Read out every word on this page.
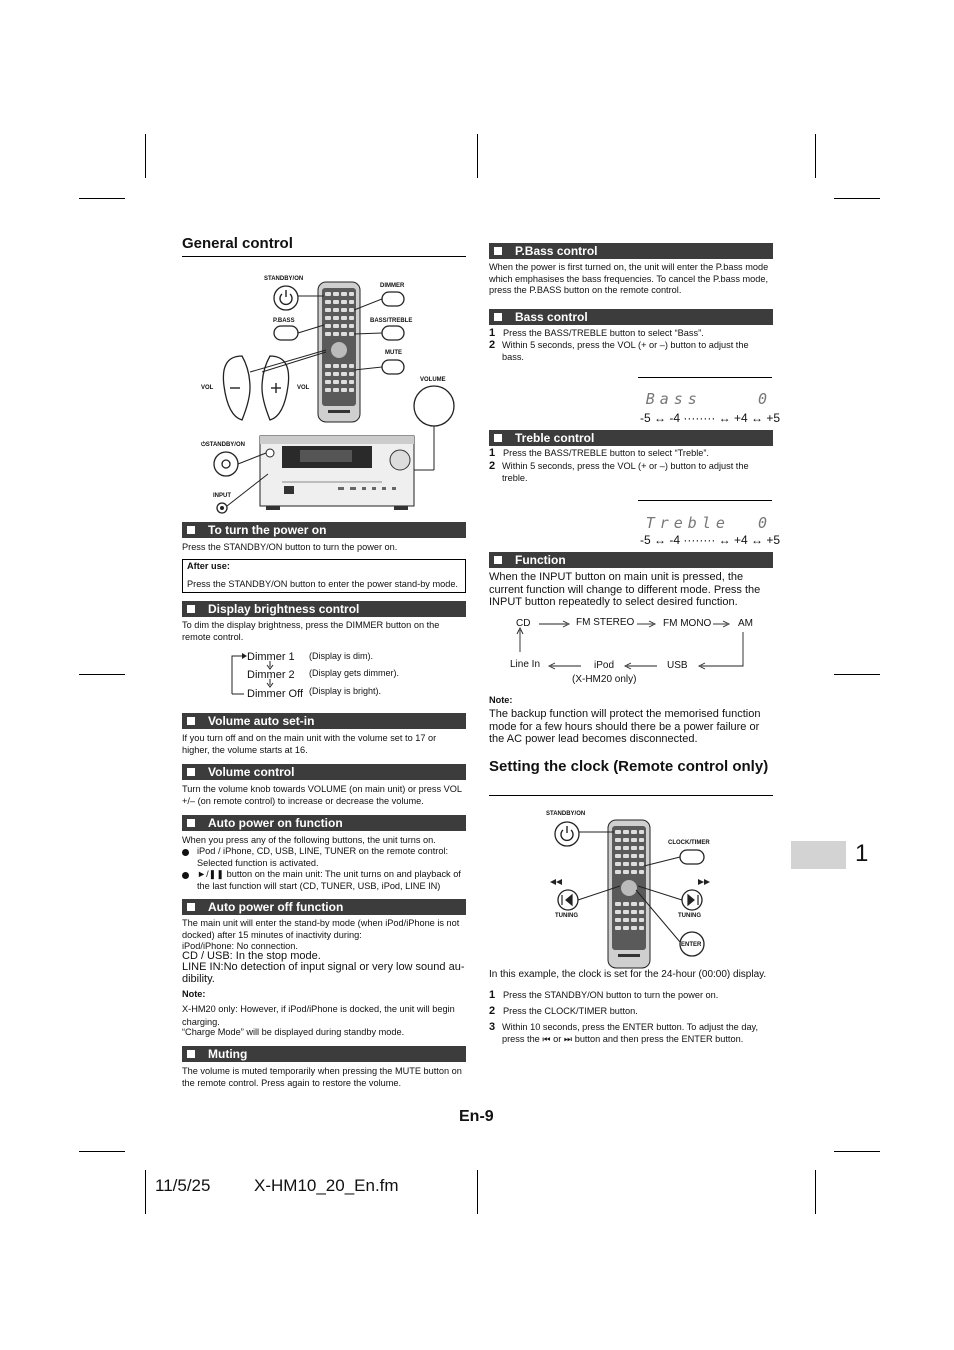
General control
STANDBY/ON
DIMMER
P.BASS	BASS/TREBLE
MUTE
VOL	VOL
VOLUME
⏻STANDBY/ON
INPUT
To turn the power on
Press the STANDBY/ON button to turn the power on.
After use:
Press the STANDBY/ON button to enter the power stand-by mode.
Display brightness control
To dim the display brightness, press the DIMMER button on the remote control.
Dimmer 1
Dimmer 2
Dimmer Off
(Display is dim).
(Display gets dimmer).
(Display is bright).
Volume auto set-in
If you turn off and on the main unit with the volume set to 17 or higher, the volume starts at 16.
Volume control
Turn the volume knob towards VOLUME (on main unit) or press VOL +/– (on remote control) to increase or decrease the volume.
Auto power on function
When you press any of the following buttons, the unit turns on.
iPod / iPhone, CD, USB, LINE, TUNER on the remote control: Selected function is activated.
►/❚❚ button on the main unit: The unit turns on and playback of the last function will start (CD, TUNER, USB, iPod, LINE IN)
Auto power off function
The main unit will enter the stand-by mode (when iPod/iPhone is not docked) after 15 minutes of inactivity during:
iPod/iPhone: No connection.
CD / USB: In the stop mode.
LINE IN:No detection of input signal or very low sound au-dibility.
Note:
X-HM20 only: However, if iPod/iPhone is docked, the unit will begin charging.
“Charge Mode” will be displayed during standby mode.
Muting
The volume is muted temporarily when pressing the MUTE button on the remote control. Press again to restore the volume.
P.Bass control
When the power is first turned on, the unit will enter the P.bass mode which emphasises the bass frequencies. To cancel the P.bass mode, press the P.BASS button on the remote control.
Bass control
1 Press the BASS/TREBLE button to select “Bass”.
2 Within 5 seconds, press the VOL (+ or –) button to adjust the bass.
Bass    0
-5 ↔ -4 ········ ↔ +4 ↔ +5
Treble control
1 Press the BASS/TREBLE button to select “Treble”.
2 Within 5 seconds, press the VOL (+ or –) button to adjust the treble.
Treble  0
-5 ↔ -4 ········ ↔ +4 ↔ +5
Function
When the INPUT button on main unit is pressed, the current function will change to different mode. Press the INPUT button repeatedly to select desired function.
CD	FM STEREO	FM MONO	AM
Line In	iPod
(X-HM20 only)
USB
Note:
The backup function will protect the memorised function mode for a few hours should there be a power failure or the AC power lead becomes disconnected.
Setting the clock (Remote control only)
STANDBY/ON
CLOCK/TIMER
TUNING	TUNING
ENTER
In this example, the clock is set for the 24-hour (00:00) display.
1 Press the STANDBY/ON button to turn the power on.
2 Press the CLOCK/TIMER button.
3 Within 10 seconds, press the ENTER button. To adjust the day, press the ⏮ or ⏭ button and then press the ENTER button.
En-9
1
11/5/25	X-HM10_20_En.fm
